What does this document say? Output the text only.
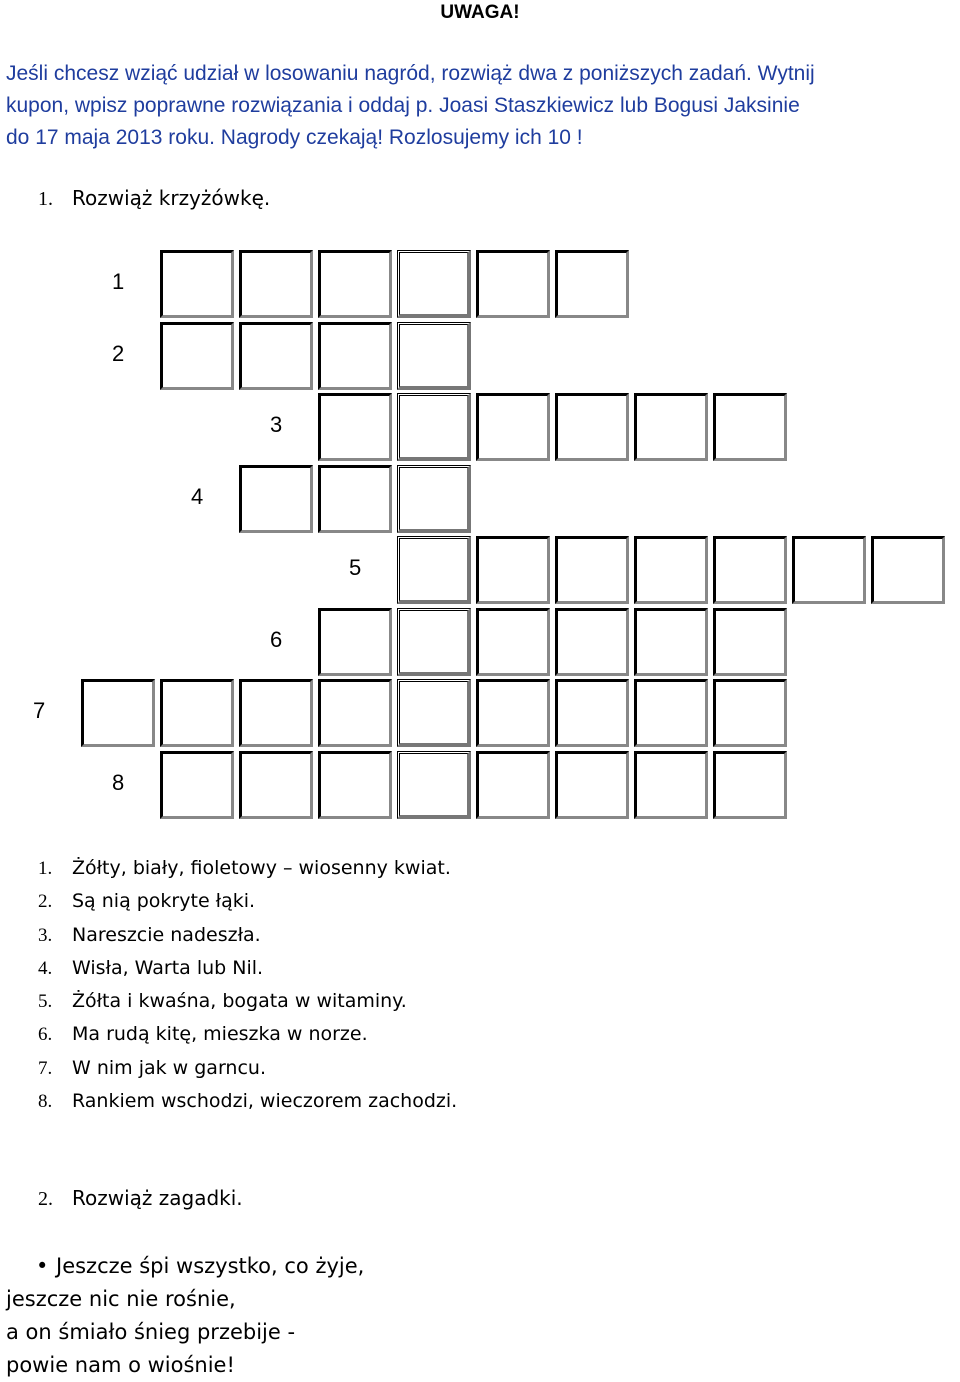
UWAGA!
Jeśli chcesz wziąć udział w losowaniu nagród, rozwiąż dwa z poniższych zadań. Wytnij
kupon, wpisz poprawne rozwiązania i oddaj p. Joasi Staszkiewicz lub Bogusi Jaksinie
do 17 maja 2013 roku. Nagrody czekają! Rozlosujemy ich 10 !
1. Rozwiąż krzyżówkę.
1
2
3
4
5
6
7
8
1. Żółty, biały, fioletowy – wiosenny kwiat.
2. Są nią pokryte łąki.
3. Nareszcie nadeszła.
4. Wisła, Warta lub Nil.
5. Żółta i kwaśna, bogata w witaminy.
6. Ma rudą kitę, mieszka w norze.
7. W nim jak w garncu.
8. Rankiem wschodzi, wieczorem zachodzi.
2. Rozwiąż zagadki.
• Jeszcze śpi wszystko, co żyje,
jeszcze nic nie rośnie,
a on śmiało śnieg przebije -
powie nam o wiośnie!
